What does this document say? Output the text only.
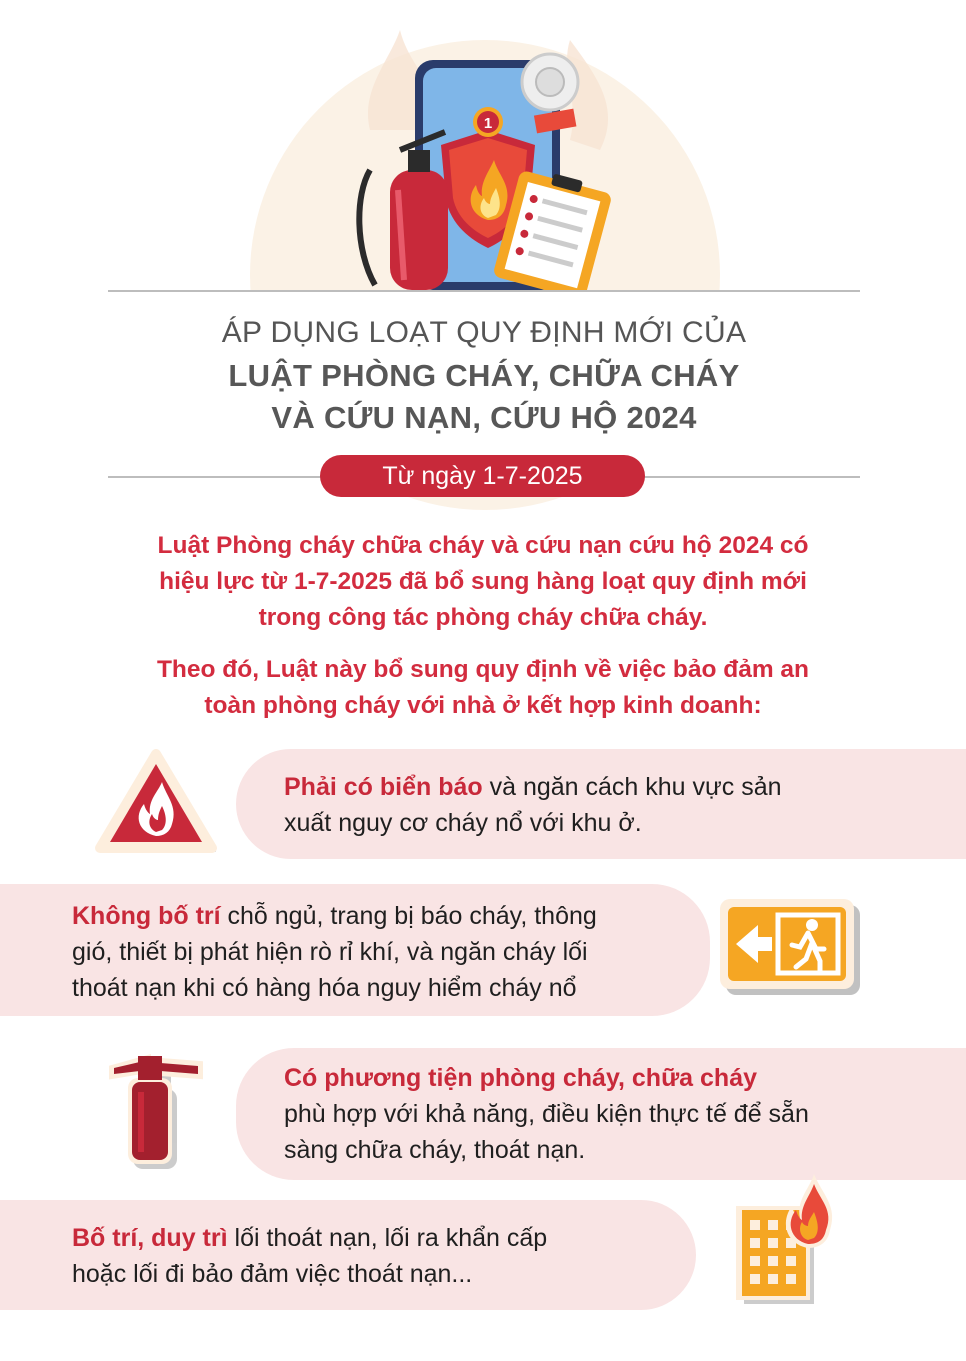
1
ÁP DỤNG LOẠT QUY ĐỊNH MỚI CỦA
LUẬT PHÒNG CHÁY, CHỮA CHÁY
VÀ CỨU NẠN, CỨU HỘ 2024
Từ ngày 1-7-2025
Luật Phòng cháy chữa cháy và cứu nạn cứu hộ 2024 có
hiệu lực từ 1-7-2025 đã bổ sung hàng loạt quy định mới
trong công tác phòng cháy chữa cháy.
Theo đó, Luật này bổ sung quy định về việc bảo đảm an
toàn phòng cháy với nhà ở kết hợp kinh doanh:
Phải có biển báo và ngăn cách khu vực sản
xuất nguy cơ cháy nổ với khu ở.
Không bố trí chỗ ngủ, trang bị báo cháy, thông
gió, thiết bị phát hiện rò rỉ khí, và ngăn cháy lối
thoát nạn khi có hàng hóa nguy hiểm cháy nổ
Có phương tiện phòng cháy, chữa cháy
phù hợp với khả năng, điều kiện thực tế để sẵn
sàng chữa cháy, thoát nạn.
Bố trí, duy trì lối thoát nạn, lối ra khẩn cấp
hoặc lối đi bảo đảm việc thoát nạn...
